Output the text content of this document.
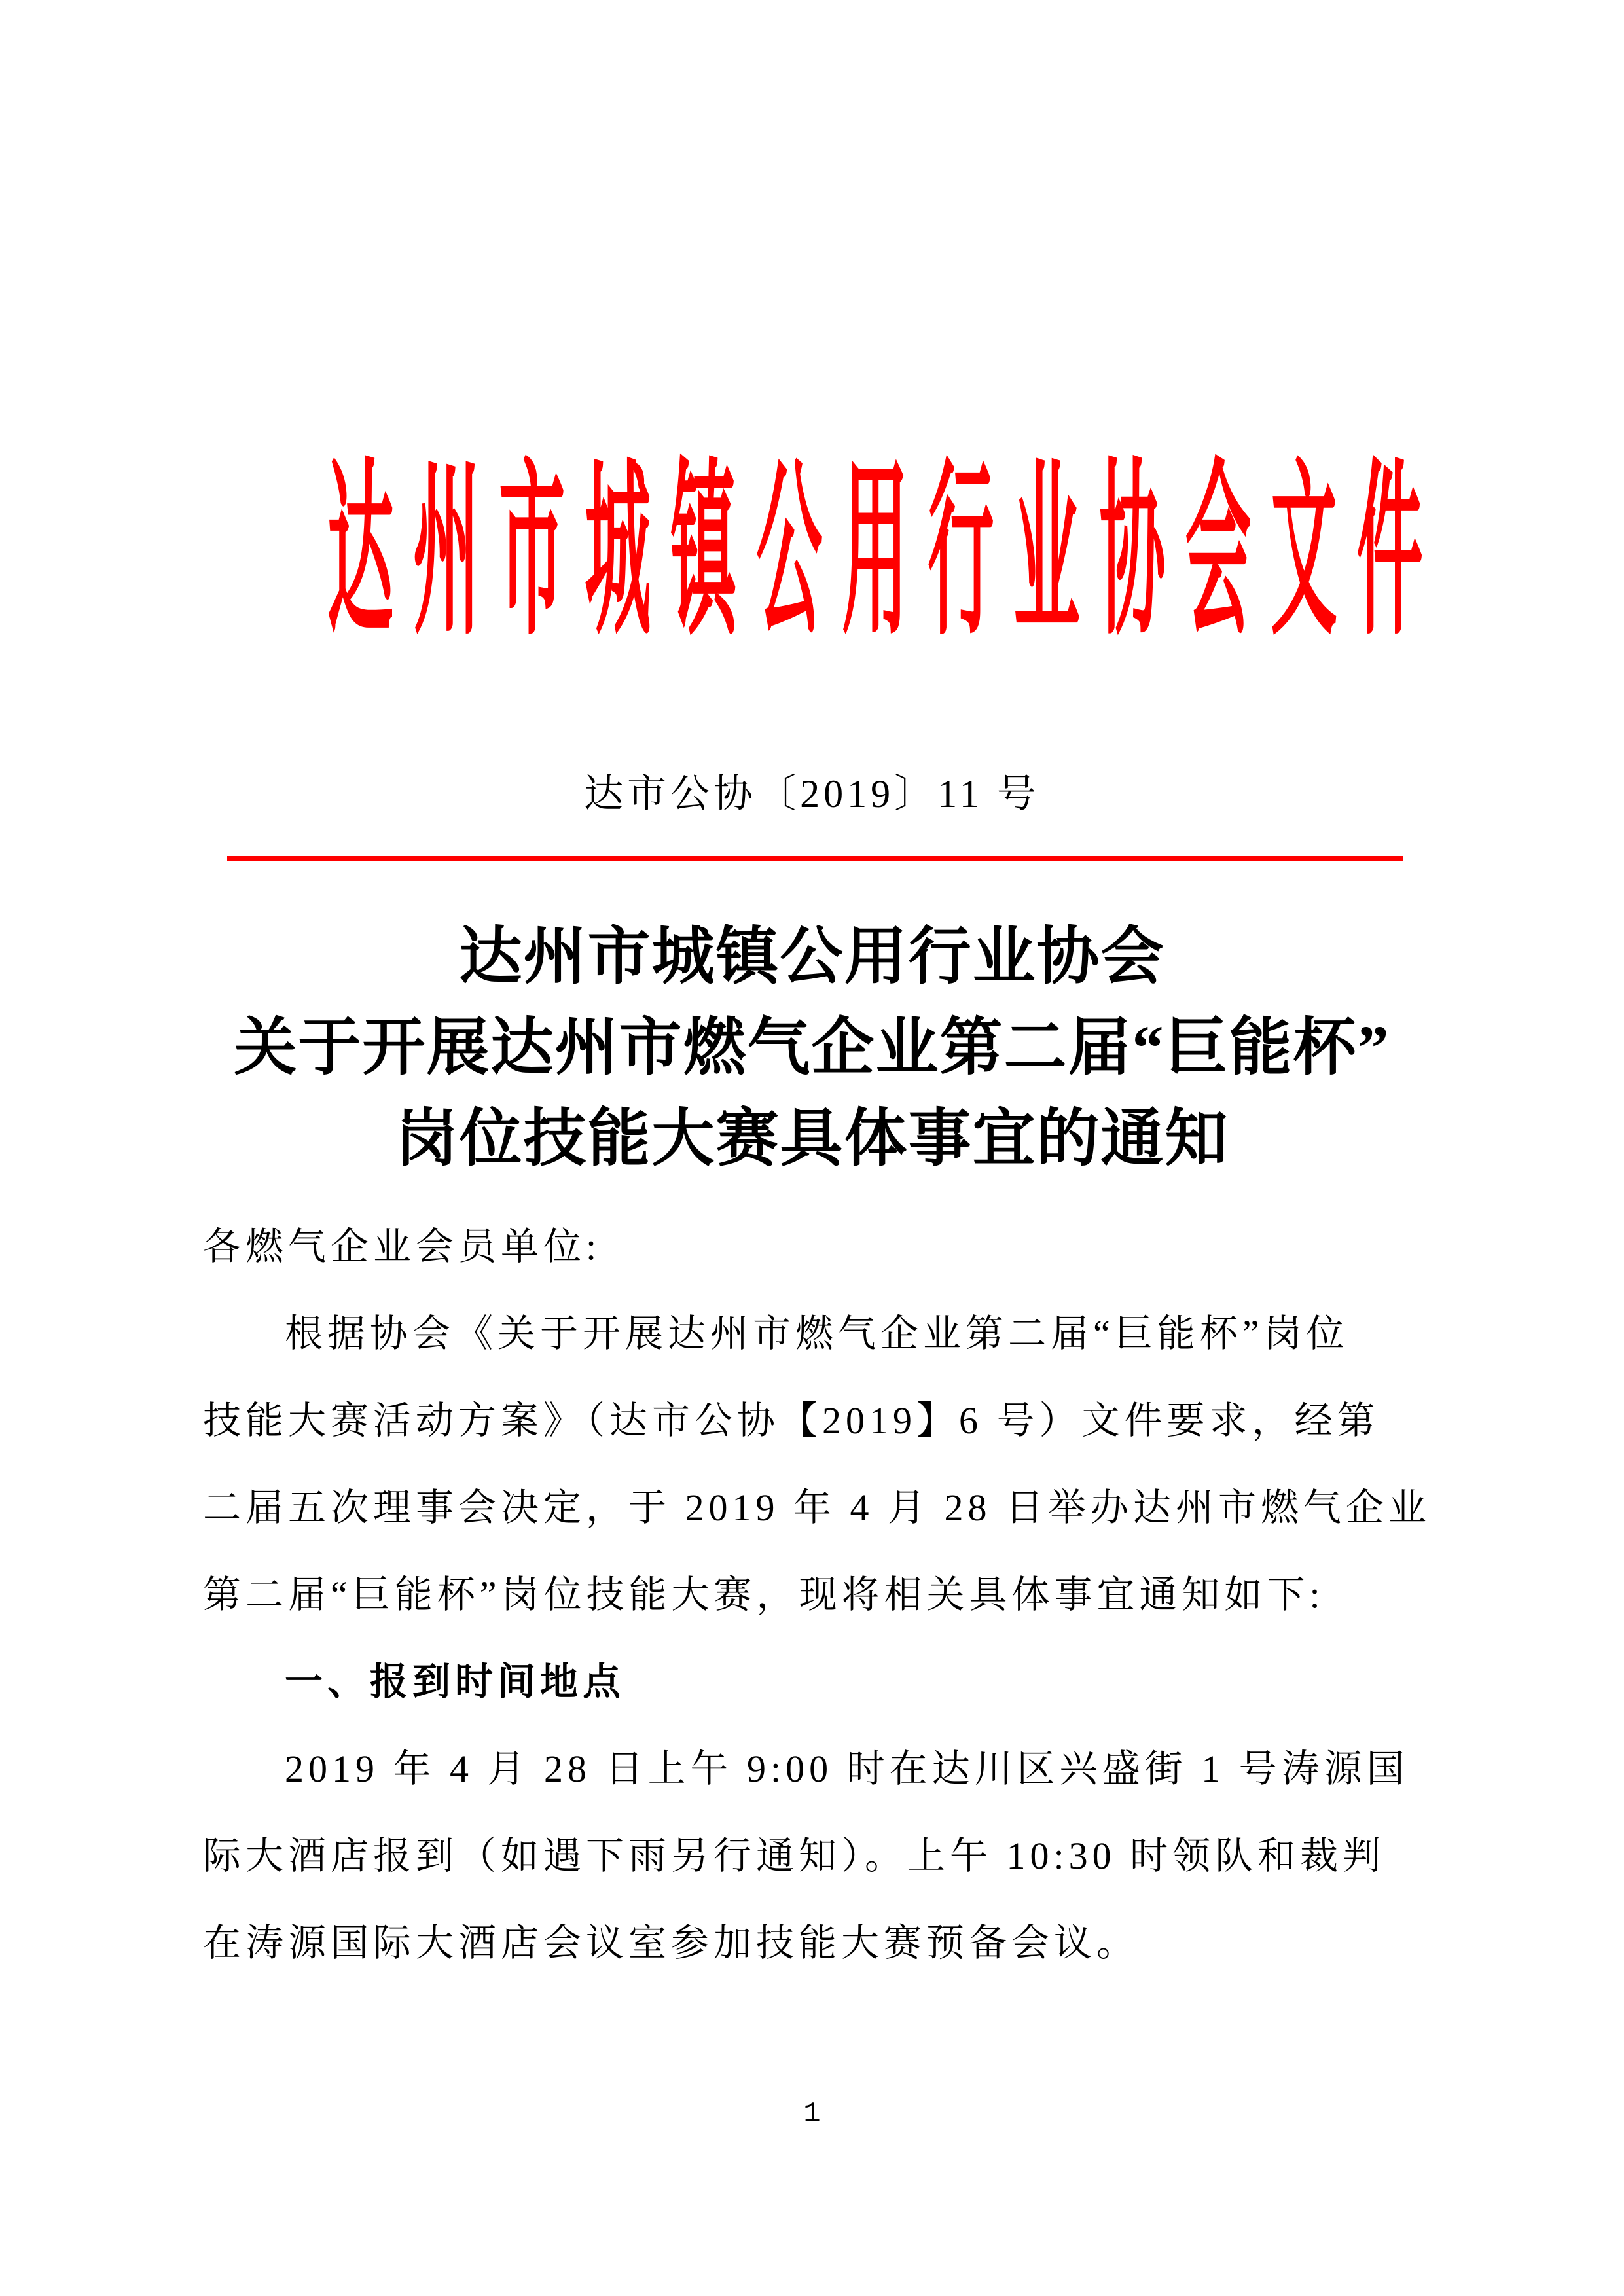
达州市城镇公用行业协会文件
达市公协〔2019〕11 号
达州市城镇公用行业协会
关于开展达州市燃气企业第二届“巨能杯”
岗位技能大赛具体事宜的通知
各燃气企业会员单位:
根据协会《关于开展达州市燃气企业第二届“巨能杯”岗位
技能大赛活动方案》（达市公协【2019】6 号）文件要求，经第
二届五次理事会决定，于 2019 年 4 月 28 日举办达州市燃气企业
第二届“巨能杯”岗位技能大赛，现将相关具体事宜通知如下:
一、报到时间地点
2019 年 4 月 28 日上午 9:00 时在达川区兴盛街 1 号涛源国
际大酒店报到（如遇下雨另行通知）。上午 10:30 时领队和裁判
在涛源国际大酒店会议室参加技能大赛预备会议。
1
